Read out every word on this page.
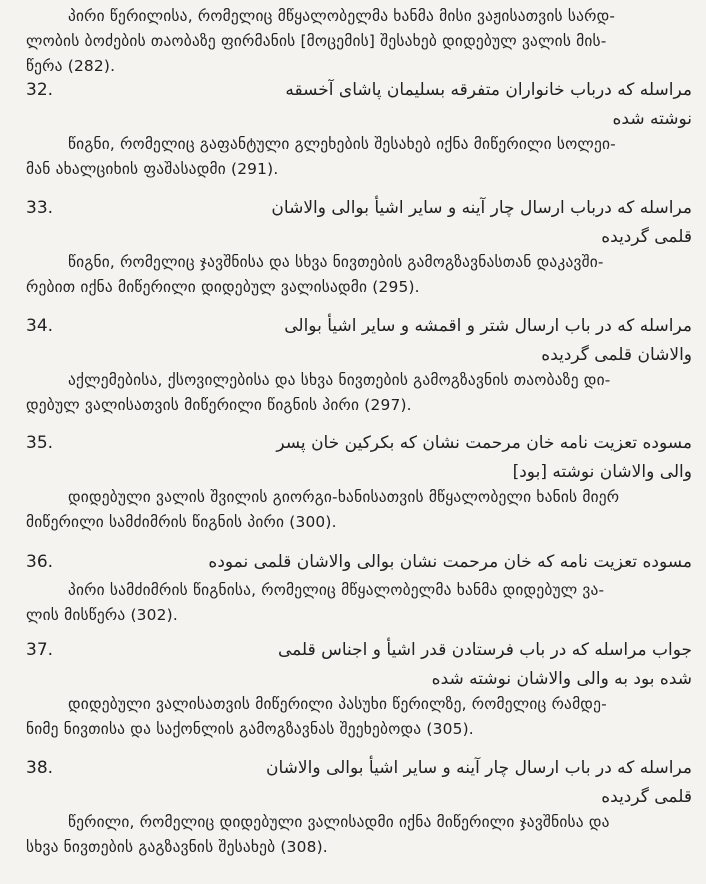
პირი წერილისა, რომელიც მწყალობელმა ხანმა მისი ვაჟისათვის სარდ-

ლობის ბოძების თაობაზე ფირმანის [მოცემის] შესახებ დიდებულ ვალის მის-

წერა (282).

32.	مراسله که درباب خانواران متفرقه بسلیمان پاشای آخسقه
نوشته شده

წიგნი, რომელიც გაფანტული გლეხების შესახებ იქნა მიწერილი სოლეი-

მან ახალციხის ფაშასადმი (291).

33.	مراسله که درباب ارسال چار آینه و سایر اشیأ بوالی والاشان
قلمی گردیده

წიგნი, რომელიც ჯავშნისა და სხვა ნივთების გამოგზავნასთან დაკავში-

რებით იქნა მიწერილი დიდებულ ვალისადმი (295).

34.	مراسله که در باب ارسال شتر و اقمشه و سایر اشیأ بوالی
والاشان قلمی گردیده

აქლემებისა, ქსოვილებისა და სხვა ნივთების გამოგზავნის თაობაზე დი-

დებულ ვალისათვის მიწერილი წიგნის პირი (297).

35.	مسوده تعزیت نامه خان مرحمت نشان که بکرکین خان پسر
والی والاشان نوشته [بود]

დიდებული ვალის შვილის გიორგი-ხანისათვის მწყალობელი ხანის მიერ

მიწერილი სამძიმრის წიგნის პირი (300).

36.	مسوده تعزیت نامه که خان مرحمت نشان بوالی والاشان قلمی نموده

პირი სამძიმრის წიგნისა, რომელიც მწყალობელმა ხანმა დიდებულ ვა-

ლის მისწერა (302).

37.	جواب مراسله که در باب فرستادن قدر اشیأ و اجناس قلمی
شده بود به والی والاشان نوشته شده

დიდებული ვალისათვის მიწერილი პასუხი წერილზე, რომელიც რამდე-

ნიმე ნივთისა და საქონლის გამოგზავნას შეეხებოდა (305).

38.	مراسله که در باب ارسال چار آینه و سایر اشیأ بوالی والاشان
قلمی گردیده

წერილი, რომელიც დიდებული ვალისადმი იქნა მიწერილი ჯავშნისა და

სხვა ნივთების გაგზავნის შესახებ (308).
